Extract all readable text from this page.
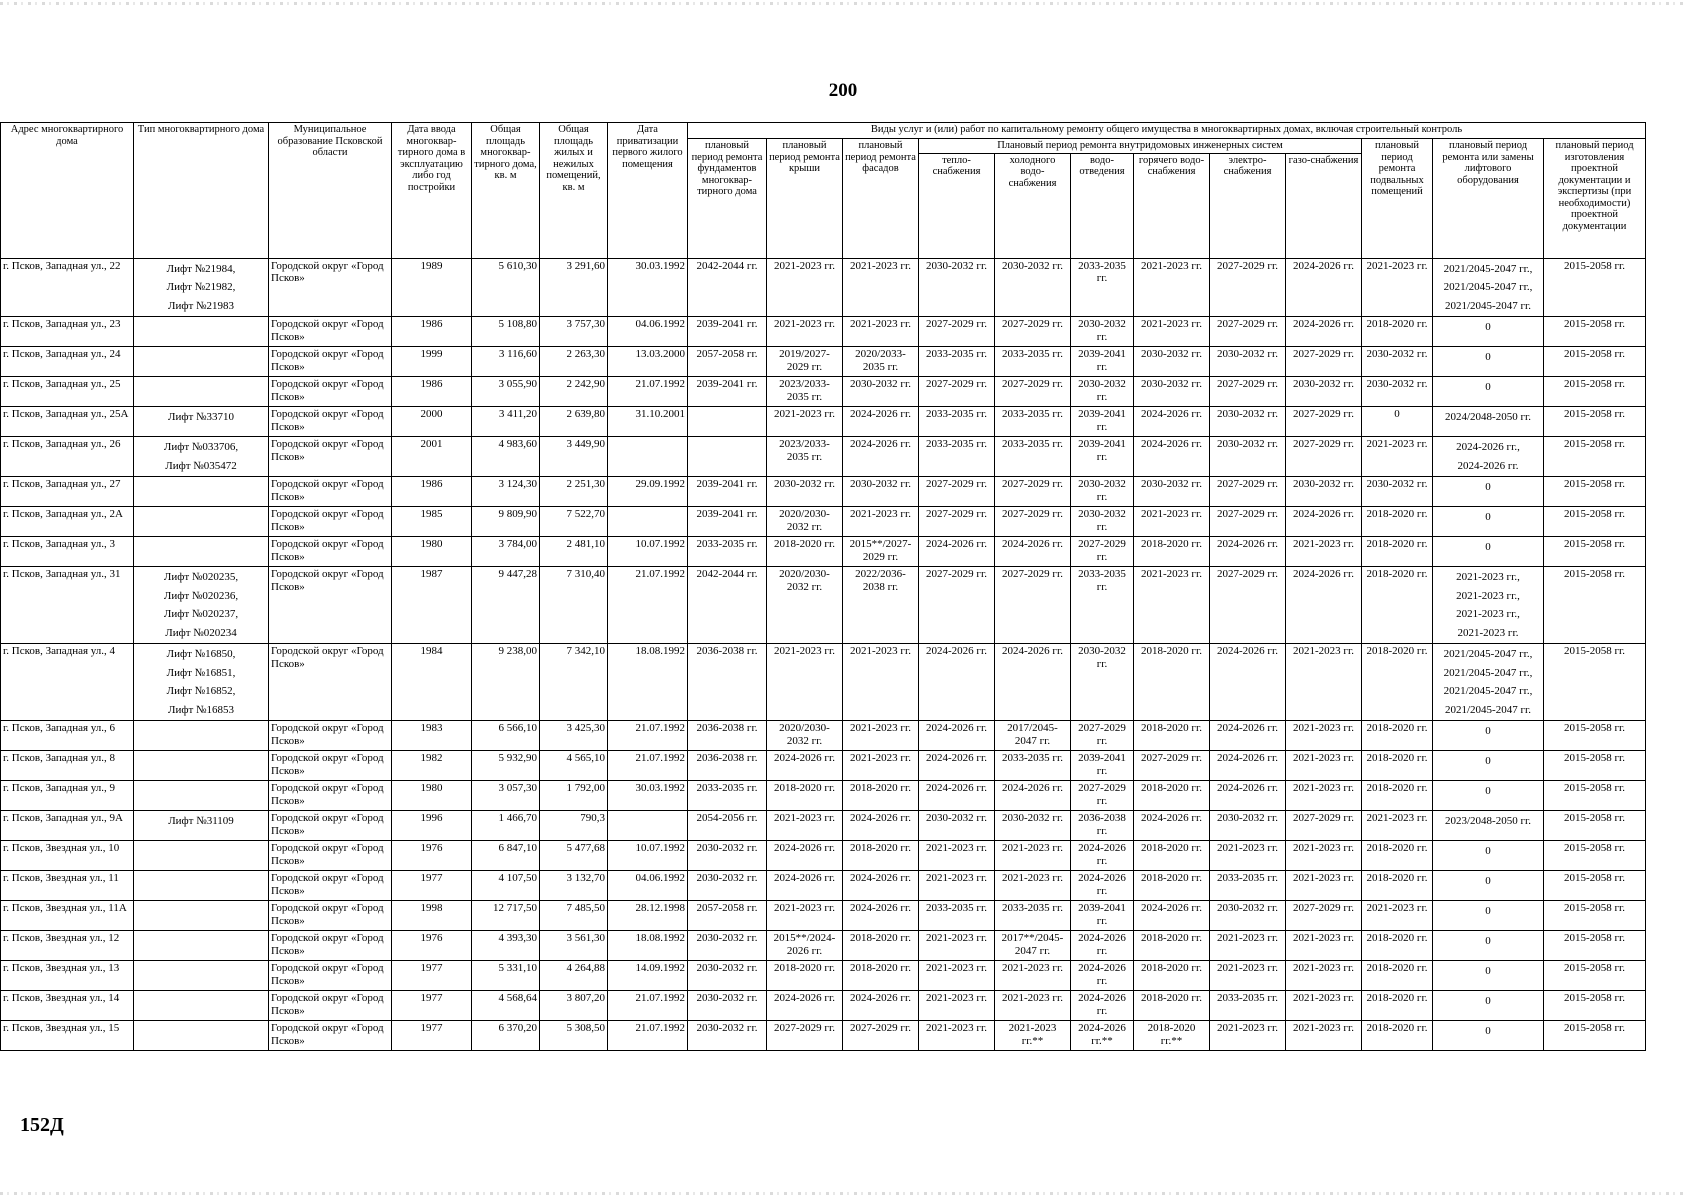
200
Адрес многоквартирного дома	Тип многоквартирного дома	Муниципальное образование Псковской области	Дата ввода многоквар-тирного дома в эксплуатацию либо год постройки	Общая площадь многоквар-тирного дома, кв. м	Общая площадь жилых и нежилых помещений, кв. м	Дата приватизации первого жилого помещения	Виды услуг и (или) работ по капитальному ремонту общего имущества в многоквартирных домах, включая строительный контроль											
							плановый период ремонта фундаментов многоквар-тирного дома	плановый период ремонта крыши	плановый период ремонта фасадов	Плановый период ремонта внутридомовых инженерных систем						плановый период ремонта подвальных помещений	плановый период ремонта или замены лифтового оборудования	плановый период изготовления проектной документации и экспертизы (при необходимости) проектной документации
										тепло-снабжения	холодного водо-снабжения	водо-отведения	горячего водо-снабжения	электро-снабжения	газо-снабжения			
г. Псков, Западная ул., 22	Лифт №21984,
Лифт №21982,
Лифт №21983	Городской округ «Город Псков»	1989	5 610,30	3 291,60	30.03.1992	2042-2044 гг.	2021-2023 гг.	2021-2023 гг.	2030-2032 гг.	2030-2032 гг.	2033-2035 гг.	2021-2023 гг.	2027-2029 гг.	2024-2026 гг.	2021-2023 гг.	2021/2045-2047 гг.,
2021/2045-2047 гг.,
2021/2045-2047 гг.	2015-2058 гг.
г. Псков, Западная ул., 23		Городской округ «Город Псков»	1986	5 108,80	3 757,30	04.06.1992	2039-2041 гг.	2021-2023 гг.	2021-2023 гг.	2027-2029 гг.	2027-2029 гг.	2030-2032 гг.	2021-2023 гг.	2027-2029 гг.	2024-2026 гг.	2018-2020 гг.	0	2015-2058 гг.
г. Псков, Западная ул., 24		Городской округ «Город Псков»	1999	3 116,60	2 263,30	13.03.2000	2057-2058 гг.	2019/2027-2029 гг.	2020/2033-2035 гг.	2033-2035 гг.	2033-2035 гг.	2039-2041 гг.	2030-2032 гг.	2030-2032 гг.	2027-2029 гг.	2030-2032 гг.	0	2015-2058 гг.
г. Псков, Западная ул., 25		Городской округ «Город Псков»	1986	3 055,90	2 242,90	21.07.1992	2039-2041 гг.	2023/2033-2035 гг.	2030-2032 гг.	2027-2029 гг.	2027-2029 гг.	2030-2032 гг.	2030-2032 гг.	2027-2029 гг.	2030-2032 гг.	2030-2032 гг.	0	2015-2058 гг.
г. Псков, Западная ул., 25А	Лифт №33710	Городской округ «Город Псков»	2000	3 411,20	2 639,80	31.10.2001		2021-2023 гг.	2024-2026 гг.	2033-2035 гг.	2033-2035 гг.	2039-2041 гг.	2024-2026 гг.	2030-2032 гг.	2027-2029 гг.	0	2024/2048-2050 гг.	2015-2058 гг.
г. Псков, Западная ул., 26	Лифт №033706,
Лифт №035472	Городской округ «Город Псков»	2001	4 983,60	3 449,90			2023/2033-2035 гг.	2024-2026 гг.	2033-2035 гг.	2033-2035 гг.	2039-2041 гг.	2024-2026 гг.	2030-2032 гг.	2027-2029 гг.	2021-2023 гг.	2024-2026 гг.,
2024-2026 гг.	2015-2058 гг.
г. Псков, Западная ул., 27		Городской округ «Город Псков»	1986	3 124,30	2 251,30	29.09.1992	2039-2041 гг.	2030-2032 гг.	2030-2032 гг.	2027-2029 гг.	2027-2029 гг.	2030-2032 гг.	2030-2032 гг.	2027-2029 гг.	2030-2032 гг.	2030-2032 гг.	0	2015-2058 гг.
г. Псков, Западная ул., 2А		Городской округ «Город Псков»	1985	9 809,90	7 522,70		2039-2041 гг.	2020/2030-2032 гг.	2021-2023 гг.	2027-2029 гг.	2027-2029 гг.	2030-2032 гг.	2021-2023 гг.	2027-2029 гг.	2024-2026 гг.	2018-2020 гг.	0	2015-2058 гг.
г. Псков, Западная ул., 3		Городской округ «Город Псков»	1980	3 784,00	2 481,10	10.07.1992	2033-2035 гг.	2018-2020 гг.	2015**/2027-2029 гг.	2024-2026 гг.	2024-2026 гг.	2027-2029 гг.	2018-2020 гг.	2024-2026 гг.	2021-2023 гг.	2018-2020 гг.	0	2015-2058 гг.
г. Псков, Западная ул., 31	Лифт №020235,
Лифт №020236,
Лифт №020237,
Лифт №020234	Городской округ «Город Псков»	1987	9 447,28	7 310,40	21.07.1992	2042-2044 гг.	2020/2030-2032 гг.	2022/2036-2038 гг.	2027-2029 гг.	2027-2029 гг.	2033-2035 гг.	2021-2023 гг.	2027-2029 гг.	2024-2026 гг.	2018-2020 гг.	2021-2023 гг.,
2021-2023 гг.,
2021-2023 гг.,
2021-2023 гг.	2015-2058 гг.
г. Псков, Западная ул., 4	Лифт №16850,
Лифт №16851,
Лифт №16852,
Лифт №16853	Городской округ «Город Псков»	1984	9 238,00	7 342,10	18.08.1992	2036-2038 гг.	2021-2023 гг.	2021-2023 гг.	2024-2026 гг.	2024-2026 гг.	2030-2032 гг.	2018-2020 гг.	2024-2026 гг.	2021-2023 гг.	2018-2020 гг.	2021/2045-2047 гг.,
2021/2045-2047 гг.,
2021/2045-2047 гг.,
2021/2045-2047 гг.	2015-2058 гг.
г. Псков, Западная ул., 6		Городской округ «Город Псков»	1983	6 566,10	3 425,30	21.07.1992	2036-2038 гг.	2020/2030-2032 гг.	2021-2023 гг.	2024-2026 гг.	2017/2045-2047 гг.	2027-2029 гг.	2018-2020 гг.	2024-2026 гг.	2021-2023 гг.	2018-2020 гг.	0	2015-2058 гг.
г. Псков, Западная ул., 8		Городской округ «Город Псков»	1982	5 932,90	4 565,10	21.07.1992	2036-2038 гг.	2024-2026 гг.	2021-2023 гг.	2024-2026 гг.	2033-2035 гг.	2039-2041 гг.	2027-2029 гг.	2024-2026 гг.	2021-2023 гг.	2018-2020 гг.	0	2015-2058 гг.
г. Псков, Западная ул., 9		Городской округ «Город Псков»	1980	3 057,30	1 792,00	30.03.1992	2033-2035 гг.	2018-2020 гг.	2018-2020 гг.	2024-2026 гг.	2024-2026 гг.	2027-2029 гг.	2018-2020 гг.	2024-2026 гг.	2021-2023 гг.	2018-2020 гг.	0	2015-2058 гг.
г. Псков, Западная ул., 9А	Лифт №31109	Городской округ «Город Псков»	1996	1 466,70	790,3		2054-2056 гг.	2021-2023 гг.	2024-2026 гг.	2030-2032 гг.	2030-2032 гг.	2036-2038 гг.	2024-2026 гг.	2030-2032 гг.	2027-2029 гг.	2021-2023 гг.	2023/2048-2050 гг.	2015-2058 гг.
г. Псков, Звездная ул., 10		Городской округ «Город Псков»	1976	6 847,10	5 477,68	10.07.1992	2030-2032 гг.	2024-2026 гг.	2018-2020 гг.	2021-2023 гг.	2021-2023 гг.	2024-2026 гг.	2018-2020 гг.	2021-2023 гг.	2021-2023 гг.	2018-2020 гг.	0	2015-2058 гг.
г. Псков, Звездная ул., 11		Городской округ «Город Псков»	1977	4 107,50	3 132,70	04.06.1992	2030-2032 гг.	2024-2026 гг.	2024-2026 гг.	2021-2023 гг.	2021-2023 гг.	2024-2026 гг.	2018-2020 гг.	2033-2035 гг.	2021-2023 гг.	2018-2020 гг.	0	2015-2058 гг.
г. Псков, Звездная ул., 11А		Городской округ «Город Псков»	1998	12 717,50	7 485,50	28.12.1998	2057-2058 гг.	2021-2023 гг.	2024-2026 гг.	2033-2035 гг.	2033-2035 гг.	2039-2041 гг.	2024-2026 гг.	2030-2032 гг.	2027-2029 гг.	2021-2023 гг.	0	2015-2058 гг.
г. Псков, Звездная ул., 12		Городской округ «Город Псков»	1976	4 393,30	3 561,30	18.08.1992	2030-2032 гг.	2015**/2024-2026 гг.	2018-2020 гг.	2021-2023 гг.	2017**/2045-2047 гг.	2024-2026 гг.	2018-2020 гг.	2021-2023 гг.	2021-2023 гг.	2018-2020 гг.	0	2015-2058 гг.
г. Псков, Звездная ул., 13		Городской округ «Город Псков»	1977	5 331,10	4 264,88	14.09.1992	2030-2032 гг.	2018-2020 гг.	2018-2020 гг.	2021-2023 гг.	2021-2023 гг.	2024-2026 гг.	2018-2020 гг.	2021-2023 гг.	2021-2023 гг.	2018-2020 гг.	0	2015-2058 гг.
г. Псков, Звездная ул., 14		Городской округ «Город Псков»	1977	4 568,64	3 807,20	21.07.1992	2030-2032 гг.	2024-2026 гг.	2024-2026 гг.	2021-2023 гг.	2021-2023 гг.	2024-2026 гг.	2018-2020 гг.	2033-2035 гг.	2021-2023 гг.	2018-2020 гг.	0	2015-2058 гг.
г. Псков, Звездная ул., 15		Городской округ «Город Псков»	1977	6 370,20	5 308,50	21.07.1992	2030-2032 гг.	2027-2029 гг.	2027-2029 гг.	2021-2023 гг.	2021-2023 гг.**	2024-2026 гг.**	2018-2020 гг.**	2021-2023 гг.	2021-2023 гг.	2018-2020 гг.	0	2015-2058 гг.
152Д
